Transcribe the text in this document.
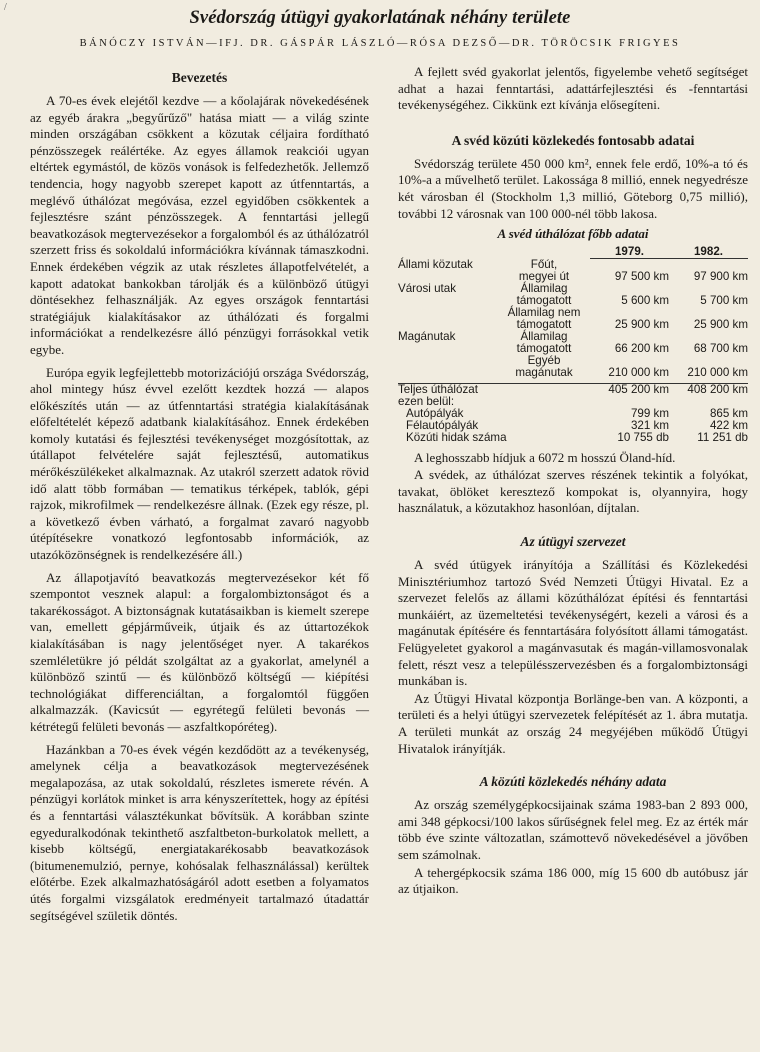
/
Svédország útügyi gyakorlatának néhány területe
BÁNÓCZY ISTVÁN—IFJ. DR. GÁSPÁR LÁSZLÓ—RÓSA DEZSŐ—DR. TÖRÖCSIK FRIGYES
Bevezetés

A 70-es évek elejétől kezdve — a kőolajárak növekedésének az egyéb árakra „begyűrűző" hatása miatt — a világ szinte minden országában csökkent a közutak céljaira fordítható pénzösszegek reálértéke. Az egyes államok reakciói ugyan eltértek egymástól, de közös vonások is felfedezhetők. Jellemző tendencia, hogy nagyobb szerepet kapott az útfenntartás, a meglévő úthálózat megóvása, ezzel egyidőben csökkentek a fejlesztésre szánt pénzösszegek. A fenntartási jellegű beavatkozások megtervezésekor a forgalomból és az úthálózatról szerzett friss és sokoldalú információkra kívánnak támaszkodni. Ennek érdekében végzik az utak részletes állapotfelvételét, a kapott adatokat bankokban tárolják és a különböző útügyi döntésekhez felhasználják. Az egyes országok fenntartási stratégiájuk kialakításakor az úthálózati és forgalmi információkat a rendelkezésre álló pénzügyi forrásokkal vetik egybe.

Európa egyik legfejlettebb motorizációjú országa Svédország, ahol mintegy húsz évvel ezelőtt kezdtek hozzá — alapos előkészítés után — az útfenntartási stratégia kialakításának előfeltételét képező adatbank kialakításához. Ennek érdekében komoly kutatási és fejlesztési tevékenységet mozgósítottak, az útállapot felvételére saját fejlesztésű, automatikus mérőkészülékeket alkalmaznak. Az utakról szerzett adatok rövid idő alatt több formában — tematikus térképek, tablók, gépi rajzok, mikrofilmek — rendelkezésre állnak. (Ezek egy része, pl. a következő évben várható, a forgalmat zavaró nagyobb útépítésekre vonatkozó legfontosabb információk, az utazóközönségnek is rendelkezésére áll.)

Az állapotjavító beavatkozás megtervezésekor két fő szempontot vesznek alapul: a forgalombiztonságot és a takarékosságot. A biztonságnak kutatásaikban is kiemelt szerepe van, emellett gépjárműveik, útjaik és az úttartozékok kialakításában is nagy jelentőséget nyer. A takarékos szemléletükre jó példát szolgáltat az a gyakorlat, amelynél a különböző szintű — és különböző költségű — kiépítési technológiákat differenciáltan, a forgalomtól függően alkalmazzák. (Kavicsút — egyrétegű felületi bevonás — kétrétegű felületi bevonás — aszfaltkopóréteg).

Hazánkban a 70-es évek végén kezdődött az a tevékenység, amelynek célja a beavatkozások megtervezésének megalapozása, az utak sokoldalú, részletes ismerete révén. A pénzügyi korlátok minket is arra kényszerítettek, hogy az építési és a fenntartási választékunkat bővítsük. A korábban szinte egyeduralkodónak tekinthető aszfaltbeton-burkolatok mellett, a kisebb költségű, energiatakarékosabb beavatkozások (bitumenemulzió, pernye, kohósalak felhasználással) kerültek előtérbe. Ezek alkalmazhatóságáról adott esetben a folyamatos útés forgalmi vizsgálatok eredményeit tartalmazó útadattár segítségével születik döntés.

A fejlett svéd gyakorlat jelentős, figyelembe vehető segítséget adhat a hazai fenntartási, adattárfejlesztési és -fenntartási tevékenységéhez. Cikkünk ezt kívánja elősegíteni.

A svéd közúti közlekedés fontosabb adatai

Svédország területe 450 000 km², ennek fele erdő, 10%-a tó és 10%-a a művelhető terület. Lakossága 8 millió, ennek negyedrésze két városban él (Stockholm 1,3 millió, Göteborg 0,75 millió), további 12 városnak van 100 000-nél több lakosa.

A svéd úthálózat főbb adatai
		1979.	1982.
Állami közutak	Főút,		
	megyei út	97 500 km	97 900 km
Városi utak	Államilag		
	támogatott	5 600 km	5 700 km
	Államilag nem		
	támogatott	25 900 km	25 900 km
Magánutak	Államilag		
	támogatott	66 200 km	68 700 km
	Egyéb		
	magánutak	210 000 km	210 000 km

Teljes úthálózat		405 200 km	408 200 km
ezen belül:			
Autópályák		799 km	865 km
Félautópályák		321 km	422 km
Közúti hidak száma		10 755 db	11 251 db

A leghosszabb hídjuk a 6072 m hosszú Öland-híd.

A svédek, az úthálózat szerves részének tekintik a folyókat, tavakat, öblöket keresztező kompokat is, olyannyira, hogy használatuk, a közutakhoz hasonlóan, díjtalan.

Az útügyi szervezet

A svéd útügyek irányítója a Szállítási és Közlekedési Minisztériumhoz tartozó Svéd Nemzeti Útügyi Hivatal. Ez a szervezet felelős az állami közúthálózat építési és fenntartási munkáiért, az üzemeltetési tevékenységért, kezeli a városi és a magánutak építésére és fenntartására folyósított állami támogatást. Felügyeletet gyakorol a magánvasutak és magán-villamosvonalak felett, részt vesz a településszervezésben és a forgalombiztonsági munkában is.

Az Útügyi Hivatal központja Borlänge-ben van. A központi, a területi és a helyi útügyi szervezetek felépítését az 1. ábra mutatja. A területi munkát az ország 24 megyéjében működő Útügyi Hivatalok irányítják.

A közúti közlekedés néhány adata

Az ország személygépkocsijainak száma 1983-ban 2 893 000, ami 348 gépkocsi/100 lakos sűrűségnek felel meg. Ez az érték már több éve szinte változatlan, számottevő növekedésével a jövőben sem számolnak.

A tehergépkocsik száma 186 000, míg 15 600 db autóbusz jár az útjaikon.
